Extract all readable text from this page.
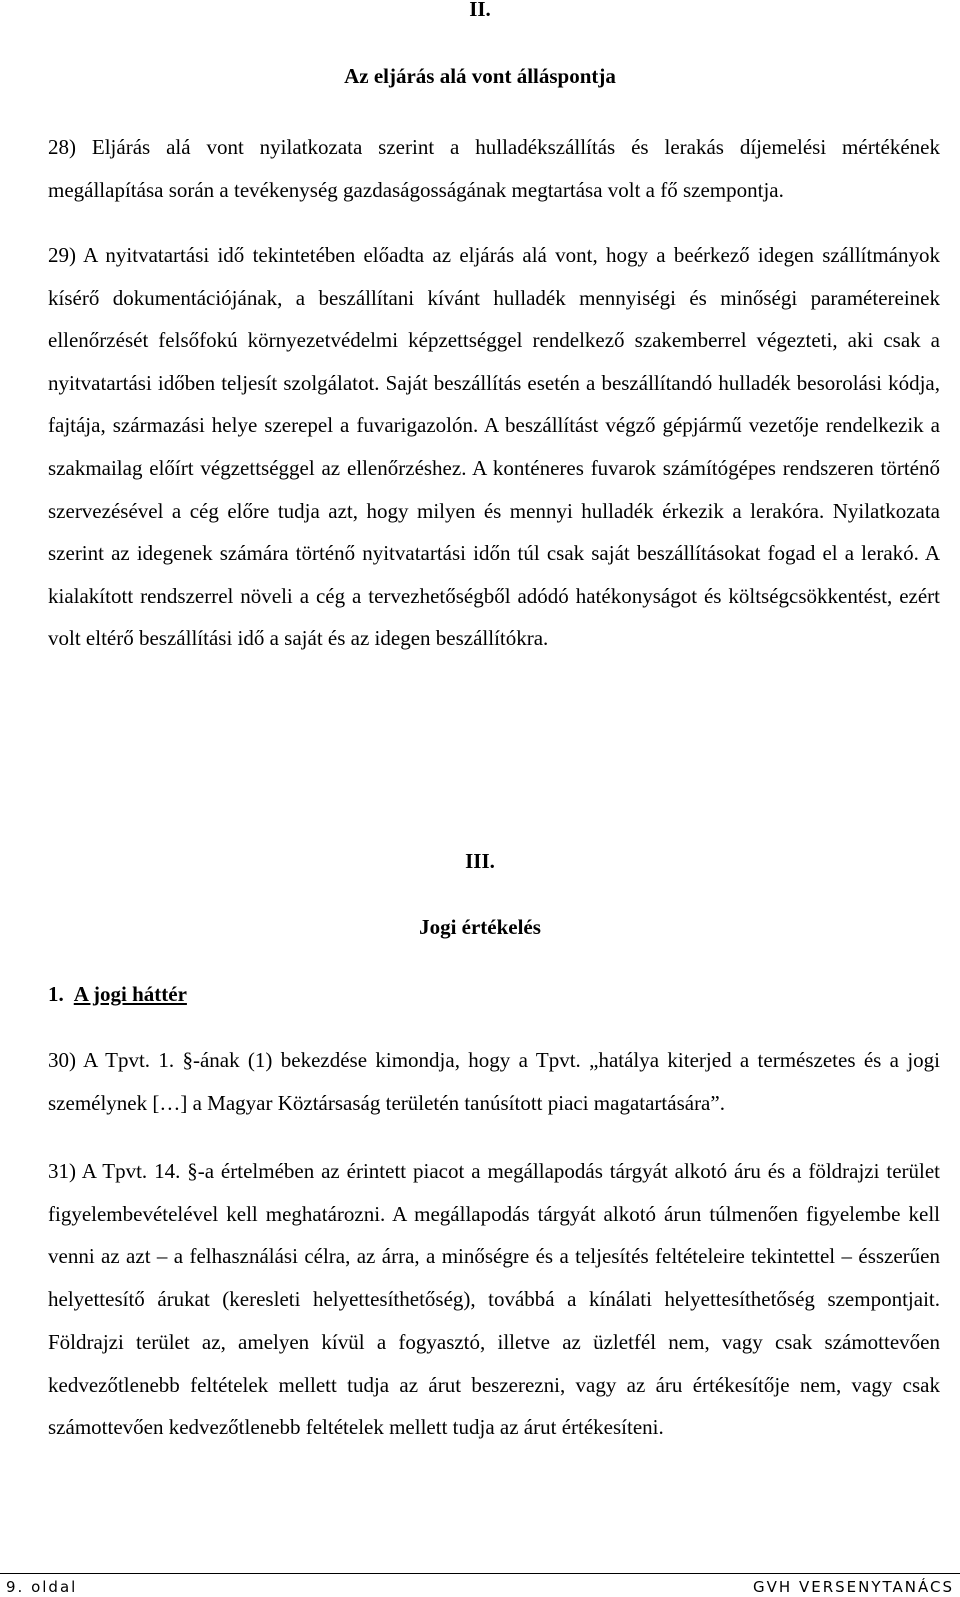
II.
Az eljárás alá vont álláspontja

28) Eljárás alá vont nyilatkozata szerint a hulladékszállítás és lerakás díjemelési mértékének megállapítása során a tevékenység gazdaságosságának megtartása volt a fő szempontja.

29) A nyitvatartási idő tekintetében előadta az eljárás alá vont, hogy a beérkező idegen szállítmányok kísérő dokumentációjának, a beszállítani kívánt hulladék mennyiségi és minőségi paramétereinek ellenőrzését felsőfokú környezetvédelmi képzettséggel rendelkező szakemberrel végezteti, aki csak a nyitvatartási időben teljesít szolgálatot. Saját beszállítás esetén a beszállítandó hulladék besorolási kódja, fajtája, származási helye szerepel a fuvarigazolón. A beszállítást végző gépjármű vezetője rendelkezik a szakmailag előírt végzettséggel az ellenőrzéshez. A konténeres fuvarok számítógépes rendszeren történő szervezésével a cég előre tudja azt, hogy milyen és mennyi hulladék érkezik a lerakóra. Nyilatkozata szerint az idegenek számára történő nyitvatartási időn túl csak saját beszállításokat fogad el a lerakó. A kialakított rendszerrel növeli a cég a tervezhetőségből adódó hatékonyságot és költségcsökkentést, ezért volt eltérő beszállítási idő a saját és az idegen beszállítókra.

III.
Jogi értékelés
1. A jogi háttér

30) A Tpvt. 1. §-ának (1) bekezdése kimondja, hogy a Tpvt. „hatálya kiterjed a természetes és a jogi személynek […] a Magyar Köztársaság területén tanúsított piaci magatartására”.

31) A Tpvt. 14. §-a értelmében az érintett piacot a megállapodás tárgyát alkotó áru és a földrajzi terület figyelembevételével kell meghatározni. A megállapodás tárgyát alkotó árun túlmenően figyelembe kell venni az azt – a felhasználási célra, az árra, a minőségre és a teljesítés feltételeire tekintettel – ésszerűen helyettesítő árukat (keresleti helyettesíthetőség), továbbá a kínálati helyettesíthetőség szempontjait. Földrajzi terület az, amelyen kívül a fogyasztó, illetve az üzletfél nem, vagy csak számottevően kedvezőtlenebb feltételek mellett tudja az árut beszerezni, vagy az áru értékesítője nem, vagy csak számottevően kedvezőtlenebb feltételek mellett tudja az árut értékesíteni.

9. oldal	GVH VERSENYTANÁCS
